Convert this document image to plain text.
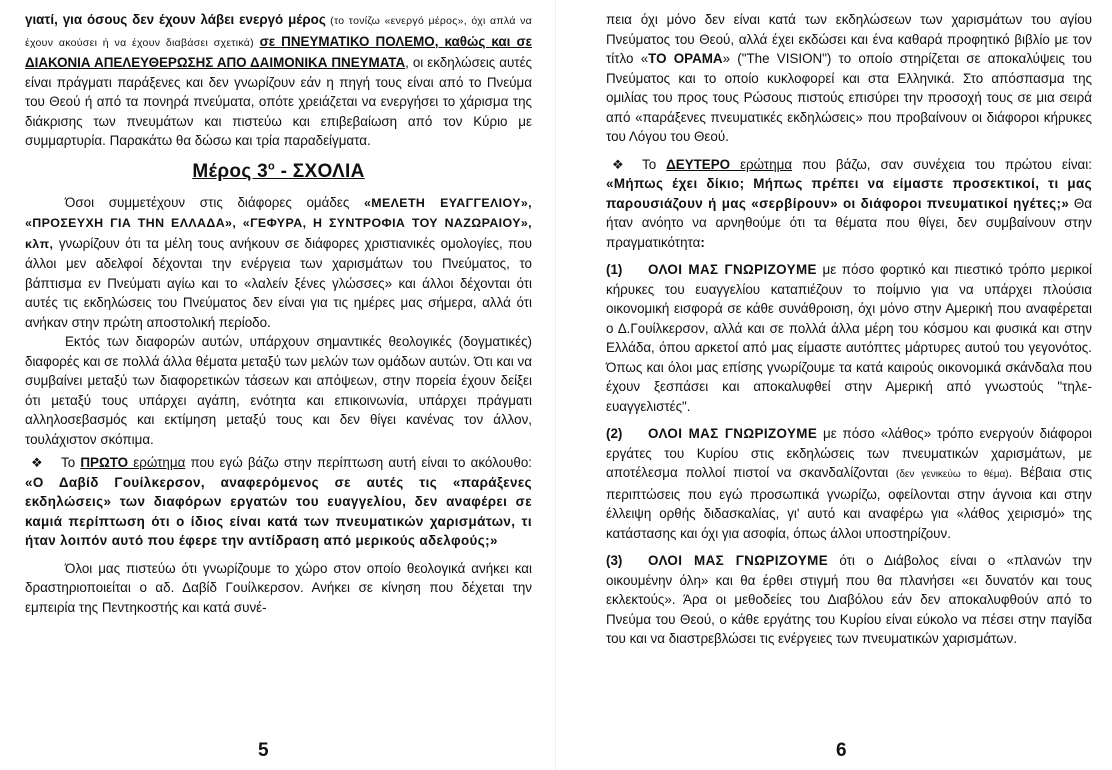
γιατί, για όσους δεν έχουν λάβει ενεργό μέρος (το τονίζω «ενεργό μέρος», όχι απλά να έχουν ακούσει ή να έχουν διαβάσει σχετικά) σε ΠΝΕΥΜΑΤΙΚΟ ΠΟΛΕΜΟ, καθώς και σε ΔΙΑΚΟΝΙΑ ΑΠΕΛΕΥΘΕΡΩΣΗΣ ΑΠΟ ΔΑΙΜΟΝΙΚΑ ΠΝΕΥΜΑΤΑ, οι εκδηλώσεις αυτές είναι πράγματι παράξενες και δεν γνωρίζουν εάν η πηγή τους είναι από το Πνεύμα του Θεού ή από τα πονηρά πνεύματα, οπότε χρειάζεται να ενεργήσει το χάρισμα της διάκρισης των πνευμάτων και πιστεύω και επιβεβαίωση από τον Κύριο με συμμαρτυρία. Παρακάτω θα δώσω και τρία παραδείγματα.

Μέρος $3^o$ - ΣΧΟΛΙΑ

Όσοι συμμετέχουν στις διάφορες ομάδες «ΜΕΛΕΤΗ ΕΥΑΓΓΕΛΙΟΥ», «ΠΡΟΣΕΥΧΗ ΓΙΑ ΤΗΝ ΕΛΛΑΔΑ», «ΓΕΦΥΡΑ, Η ΣΥΝΤΡΟΦΙΑ ΤΟΥ ΝΑΖΩΡΑΙΟΥ», κλπ, γνωρίζουν ότι τα μέλη τους ανήκουν σε διάφορες χριστιανικές ομολογίες, που άλλοι μεν αδελφοί δέχονται την ενέργεια των χαρισμάτων του Πνεύματος, το βάπτισμα εν Πνεύματι αγίω και το «λαλείν ξένες γλώσσες» και άλλοι δέχονται ότι αυτές τις εκδηλώσεις του Πνεύματος δεν είναι για τις ημέρες μας σήμερα, αλλά ότι ανήκαν στην πρώτη αποστολική περίοδο.

Εκτός των διαφορών αυτών, υπάρχουν σημαντικές θεολογικές (δογματικές) διαφορές και σε πολλά άλλα θέματα μεταξύ των μελών των ομάδων αυτών. Ότι και να συμβαίνει μεταξύ των διαφορετικών τάσεων και απόψεων, στην πορεία έχουν δείξει ότι μεταξύ τους υπάρχει αγάπη, ενότητα και επικοινωνία, υπάρχει πράγματι αλληλοσεβασμός και εκτίμηση μεταξύ τους και δεν θίγει κανένας τον άλλον, τουλάχιστον σκόπιμα.

❖ Το ΠΡΩΤΟ ερώτημα που εγώ βάζω στην περίπτωση αυτή είναι το ακόλουθο: «Ο Δαβίδ Γουίλκερσον, αναφερόμενος σε αυτές τις «παράξενες εκδηλώσεις» των διαφόρων εργατών του ευαγγελίου, δεν αναφέρει σε καμιά περίπτωση ότι ο ίδιος είναι κατά των πνευματικών χαρισμάτων, τι ήταν λοιπόν αυτό που έφερε την αντίδραση από μερικούς αδελφούς;»

Όλοι μας πιστεύω ότι γνωρίζουμε το χώρο στον οποίο θεολογικά ανήκει και δραστηριοποιείται ο αδ. Δαβίδ Γουίλκερσον. Ανήκει σε κίνηση που δέχεται την εμπειρία της Πεντηκοστής και κατά συνέ-

5

πεια όχι μόνο δεν είναι κατά των εκδηλώσεων των χαρισμάτων του αγίου Πνεύματος του Θεού, αλλά έχει εκδώσει και ένα καθαρά προφητικό βιβλίο με τον τίτλο «ΤΟ ΟΡΑΜΑ» ("The VISION") το οποίο στηρίζεται σε αποκαλύψεις του Πνεύματος και το οποίο κυκλοφορεί και στα Ελληνικά. Στο απόσπασμα της ομιλίας του προς τους Ρώσους πιστούς επισύρει την προσοχή τους σε μια σειρά από «παράξενες πνευματικές εκδηλώσεις» που προβαίνουν οι διάφοροι κήρυκες του Λόγου του Θεού.

❖ Το ΔΕΥΤΕΡΟ ερώτημα που βάζω, σαν συνέχεια του πρώτου είναι: «Μήπως έχει δίκιο; Μήπως πρέπει να είμαστε προσεκτικοί, τι μας παρουσιάζουν ή μας «σερβίρουν» οι διάφοροι πνευματικοί ηγέτες;» Θα ήταν ανόητο να αρνηθούμε ότι τα θέματα που θίγει, δεν συμβαίνουν στην πραγματικότητα:

(1) ΟΛΟΙ ΜΑΣ ΓΝΩΡΙΖΟΥΜΕ με πόσο φορτικό και πιεστικό τρόπο μερικοί κήρυκες του ευαγγελίου καταπιέζουν το ποίμνιο για να υπάρχει πλούσια οικονομική εισφορά σε κάθε συνάθροιση, όχι μόνο στην Αμερική που αναφέρεται ο Δ.Γουίλκερσον, αλλά και σε πολλά άλλα μέρη του κόσμου και φυσικά και στην Ελλάδα, όπου αρκετοί από μας είμαστε αυτόπτες μάρτυρες αυτού του γεγονότος. Όπως και όλοι μας επίσης γνωρίζουμε τα κατά καιρούς οικονομικά σκάνδαλα που έχουν ξεσπάσει και αποκαλυφθεί στην Αμερική από γνωστούς "τηλε-ευαγγελιστές".

(2) ΟΛΟΙ ΜΑΣ ΓΝΩΡΙΖΟΥΜΕ με πόσο «λάθος» τρόπο ενεργούν διάφοροι εργάτες του Κυρίου στις εκδηλώσεις των πνευματικών χαρισμάτων, με αποτέλεσμα πολλοί πιστοί να σκανδαλίζονται (δεν γενικεύω το θέμα). Βέβαια στις περιπτώσεις που εγώ προσωπικά γνωρίζω, οφείλονται στην άγνοια και στην έλλειψη ορθής διδασκαλίας, γι' αυτό και αναφέρω για «λάθος χειρισμό» της κατάστασης και όχι για ασοφία, όπως άλλοι υποστηρίζουν.

(3) ΟΛΟΙ ΜΑΣ ΓΝΩΡΙΖΟΥΜΕ ότι ο Διάβολος είναι ο «πλανών την οικουμένην όλη» και θα έρθει στιγμή που θα πλανήσει «ει δυνατόν και τους εκλεκτούς». Άρα οι μεθοδείες του Διαβόλου εάν δεν αποκαλυφθούν από το Πνεύμα του Θεού, ο κάθε εργάτης του Κυρίου είναι εύκολο να πέσει στην παγίδα του και να διαστρεβλώσει τις ενέργειες των πνευματικών χαρισμάτων.

6
